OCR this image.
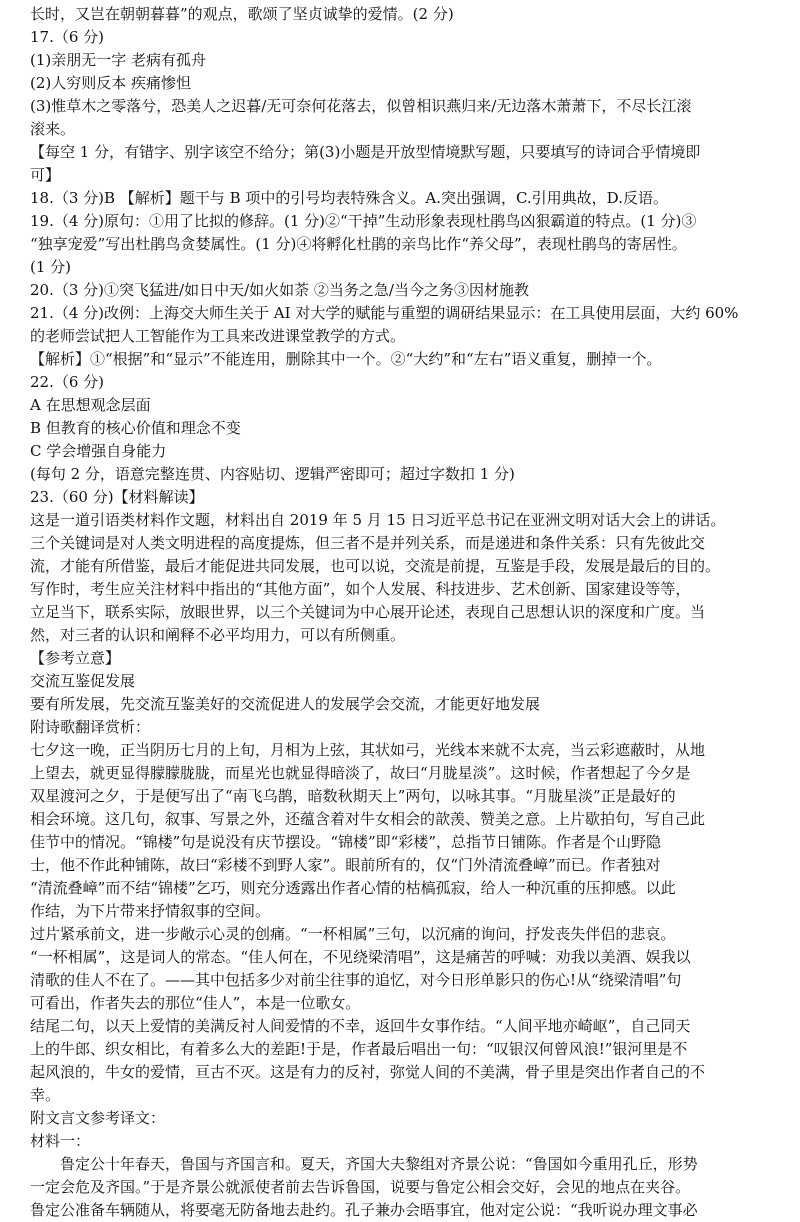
长时，又岂在朝朝暮暮”的观点，歌颂了坚贞诚挚的爱情。(2 分)

17.（6 分)

(1)亲朋无一字 老病有孤舟

(2)人穷则反本 疾痛惨怛

(3)惟草木之零落兮，恐美人之迟暮/无可奈何花落去，似曾相识燕归来/无边落木萧萧下，不尽长江滚

滚来。

【每空 1 分，有错字、别字该空不给分；第(3)小题是开放型情境默写题，只要填写的诗词合乎情境即

可】

18.（3 分)B 【解析】题干与 B 项中的引号均表特殊含义。A.突出强调，C.引用典故，D.反语。

19.（4 分)原句：①用了比拟的修辞。(1 分)②“干掉”生动形象表现杜鹃鸟凶狠霸道的特点。(1 分)③

“独享宠爱”写出杜鹃鸟贪婪属性。(1 分)④将孵化杜鹃的亲鸟比作“养父母”，表现杜鹃鸟的寄居性。

(1 分)

20.（3 分)①突飞猛进/如日中天/如火如荼 ②当务之急/当今之务③因材施教

21.（4 分)改例：上海交大师生关于 AI 对大学的赋能与重塑的调研结果显示：在工具使用层面，大约 60%

的老师尝试把人工智能作为工具来改进课堂教学的方式。

【解析】①“根据”和“显示”不能连用，删除其中一个。②“大约”和“左右”语义重复，删掉一个。

22.（6 分)

A 在思想观念层面

B 但教育的核心价值和理念不变

C 学会增强自身能力

(每句 2 分，语意完整连贯、内容贴切、逻辑严密即可；超过字数扣 1 分)

23.（60 分)【材料解读】

这是一道引语类材料作文题，材料出自 2019 年 5 月 15 日习近平总书记在亚洲文明对话大会上的讲话。

三个关键词是对人类文明进程的高度提炼，但三者不是并列关系，而是递进和条件关系：只有先彼此交

流，才能有所借鉴，最后才能促进共同发展，也可以说，交流是前提，互鉴是手段，发展是最后的目的。

写作时，考生应关注材料中指出的“其他方面”，如个人发展、科技进步、艺术创新、国家建设等等，

立足当下，联系实际，放眼世界，以三个关键词为中心展开论述，表现自己思想认识的深度和广度。当

然，对三者的认识和阐释不必平均用力，可以有所侧重。

【参考立意】

交流互鉴促发展

要有所发展，先交流互鉴美好的交流促进人的发展学会交流，才能更好地发展

附诗歌翻译赏析：

七夕这一晚，正当阴历七月的上旬，月相为上弦，其状如弓，光线本来就不太亮，当云彩遮蔽时，从地

上望去，就更显得朦朦胧胧，而星光也就显得暗淡了，故曰“月胧星淡”。这时候，作者想起了今夕是

双星渡河之夕，于是便写出了“南飞乌鹊，暗数秋期天上”两句，以咏其事。“月胧星淡”正是最好的

相会环境。这几句，叙事、写景之外，还蕴含着对牛女相会的歆羡、赞美之意。上片歇拍句，写自己此

佳节中的情况。“锦楼”句是说没有庆节摆设。“锦楼”即“彩楼”，总指节日铺陈。作者是个山野隐

士，他不作此种铺陈，故曰“彩楼不到野人家”。眼前所有的，仅“门外清流叠嶂”而已。作者独对

“清流叠嶂”而不结“锦楼”乞巧，则充分透露出作者心情的枯槁孤寂，给人一种沉重的压抑感。以此

作结，为下片带来抒情叙事的空间。

过片紧承前文，进一步敞示心灵的创痛。“一杯相属”三句，以沉痛的询问，抒发丧失伴侣的悲哀。

“一杯相属”，这是词人的常态。“佳人何在，不见绕梁清唱”，这是痛苦的呼喊：劝我以美酒、娱我以

清歌的佳人不在了。——其中包括多少对前尘往事的追忆，对今日形单影只的伤心!从“绕梁清唱”句

可看出，作者失去的那位“佳人”，本是一位歌女。

结尾二句，以天上爱情的美满反衬人间爱情的不幸，返回牛女事作结。“人间平地亦崎岖”，自己同天

上的牛郎、织女相比，有着多么大的差距!于是，作者最后唱出一句：“叹银汉何曾风浪!”银河里是不

起风浪的，牛女的爱情，亘古不灭。这是有力的反衬，弥觉人间的不美满，骨子里是突出作者自己的不

幸。

附文言文参考译文：

材料一：

鲁定公十年春天，鲁国与齐国言和。夏天，齐国大夫黎组对齐景公说：“鲁国如今重用孔丘，形势

一定会危及齐国。”于是齐景公就派使者前去告诉鲁国，说要与鲁定公相会交好，会见的地点在夹谷。

鲁定公准备车辆随从，将要毫无防备地去赴约。孔子兼办会晤事宜，他对定公说：“我听说办理文事必
